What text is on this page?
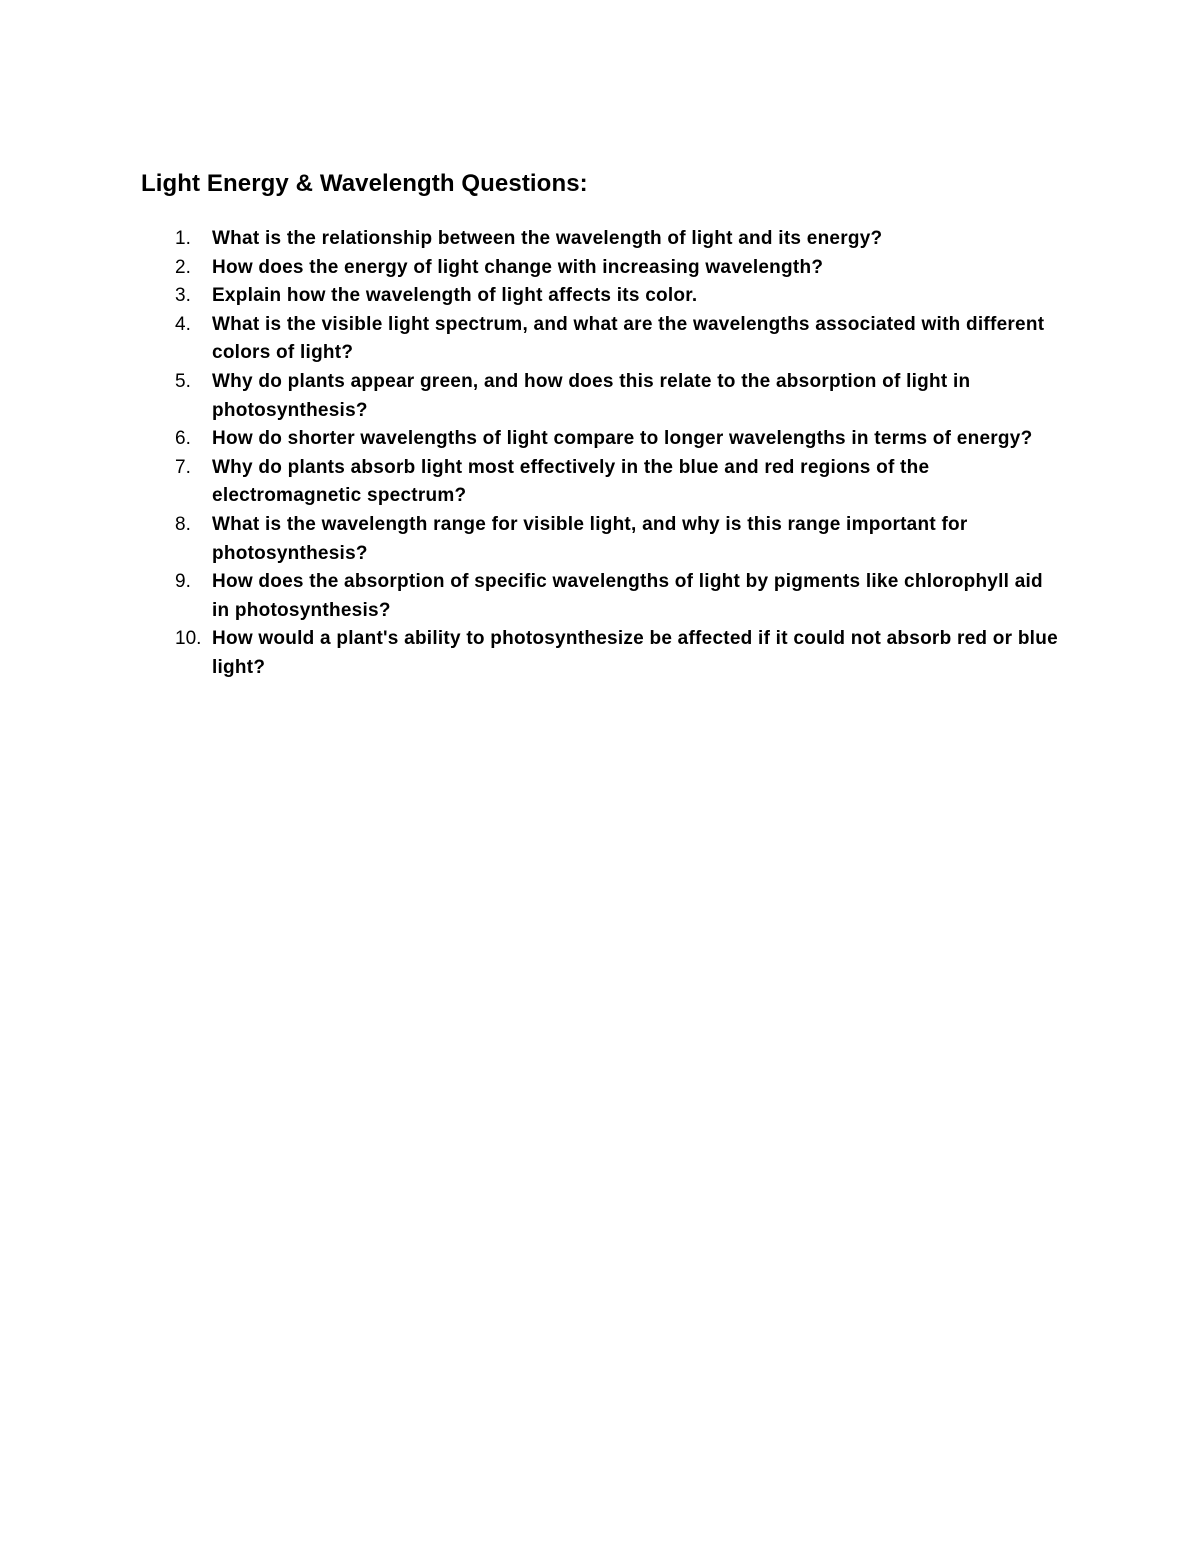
Light Energy & Wavelength Questions:
1. What is the relationship between the wavelength of light and its energy?
2. How does the energy of light change with increasing wavelength?
3. Explain how the wavelength of light affects its color.
4. What is the visible light spectrum, and what are the wavelengths associated with different colors of light?
5. Why do plants appear green, and how does this relate to the absorption of light in photosynthesis?
6. How do shorter wavelengths of light compare to longer wavelengths in terms of energy?
7. Why do plants absorb light most effectively in the blue and red regions of the electromagnetic spectrum?
8. What is the wavelength range for visible light, and why is this range important for photosynthesis?
9. How does the absorption of specific wavelengths of light by pigments like chlorophyll aid in photosynthesis?
10. How would a plant's ability to photosynthesize be affected if it could not absorb red or blue light?
